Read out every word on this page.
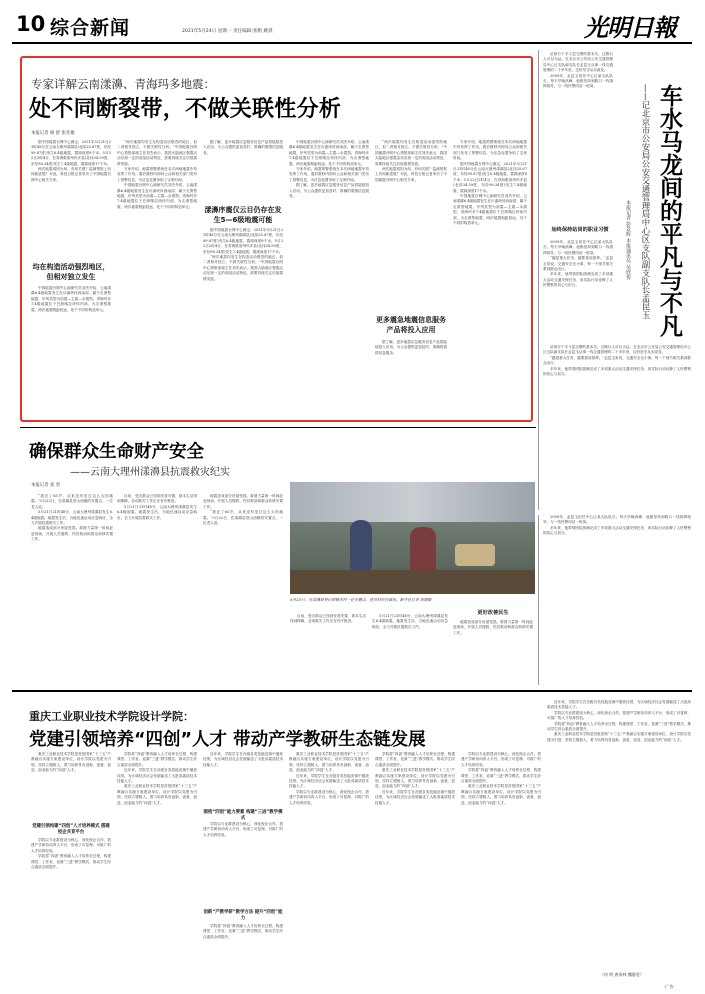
10 综合新闻	2021年5月24日 星期一 责任编辑:张帆 姚晨	光明日報
专家详解云南漾濞、青海玛多地震：
处不同断裂带，不做关联性分析
本报记者 杨 舒 张亚雄

据中国地震台网中心测定，2021年5月21日21时48分在云南大理州漾濞县(北纬25.67度，东经99.87度)发生6.4级地震，震源深度8千米；5月22日2时4分，在青海果洛州玛多县(北纬34.59度，东经98.34度)发生7.4级地震，震源深度17千米。

两次地震成因为何，有何关联？监测预报上有何新进展？对此，科技日报记者采访了中国地震台网中心相关专家。

均在构造活动强烈地区，但相对独立发生

中国地震台网中心副研究员刘杰介绍，云南漾濞6.4级地震发生在川滇块体西南部，属于走滑型地震，序列类型为前震—主震—余震型。青海玛多7.4级地震位于巴颜喀拉块体内部，为走滑型地震，两次地震相距较远，处于不同的构造单元。

“两次地震均发生在构造活动强烈的地区，但二者相对独立，不做关联性分析。”中国地震台网中心预报部副主任刘杰表示，我国大陆地区强震活动呈现一定的成组活动特征，需要持续关注后续震情发展。

专家介绍，地震预警系统在本次两地地震中均发挥了作用，震后数秒内即向公众和相关部门发布了预警信息，为应急处置争取了宝贵时间。

中国地震台网中心副研究员刘杰介绍，云南漾濞6.4级地震发生在川滇块体西南部，属于走滑型地震，序列类型为前震—主震—余震型。青海玛多7.4级地震位于巴颜喀拉块体内部，为走滑型地震，两次地震相距较远，处于不同的构造单元。

据了解，更多地震应急服务信息产品将陆续投入应用，为公众提供更加及时、准确的震情信息服务。

漾濞序震仅云目仍存在发生5—6级地震可能

据中国地震台网中心测定，2021年5月21日21时48分在云南大理州漾濞县(北纬25.67度，东经99.87度)发生6.4级地震，震源深度8千米；5月22日2时4分，在青海果洛州玛多县(北纬34.59度，东经98.34度)发生7.4级地震，震源深度17千米。

“两次地震均发生在构造活动强烈的地区，但二者相对独立，不做关联性分析。”中国地震台网中心预报部副主任刘杰表示，我国大陆地区强震活动呈现一定的成组活动特征，需要持续关注后续震情发展。

中国地震台网中心副研究员刘杰介绍，云南漾濞6.4级地震发生在川滇块体西南部，属于走滑型地震，序列类型为前震—主震—余震型。青海玛多7.4级地震位于巴颜喀拉块体内部，为走滑型地震，两次地震相距较远，处于不同的构造单元。

专家介绍，地震预警系统在本次两地地震中均发挥了作用，震后数秒内即向公众和相关部门发布了预警信息，为应急处置争取了宝贵时间。

据了解，更多地震应急服务信息产品将陆续投入应用，为公众提供更加及时、准确的震情信息服务。

“两次地震均发生在构造活动强烈的地区，但二者相对独立，不做关联性分析。”中国地震台网中心预报部副主任刘杰表示，我国大陆地区强震活动呈现一定的成组活动特征，需要持续关注后续震情发展。

两次地震成因为何，有何关联？监测预报上有何新进展？对此，科技日报记者采访了中国地震台网中心相关专家。

更多震急地震信息服务产品将投入应用

据了解，更多地震应急服务信息产品将陆续投入应用，为公众提供更加及时、准确的震情信息服务。

专家介绍，地震预警系统在本次两地地震中均发挥了作用，震后数秒内即向公众和相关部门发布了预警信息，为应急处置争取了宝贵时间。

据中国地震台网中心测定，2021年5月21日21时48分在云南大理州漾濞县(北纬25.67度，东经99.87度)发生6.4级地震，震源深度8千米；5月22日2时4分，在青海果洛州玛多县(北纬34.59度，东经98.34度)发生7.4级地震，震源深度17千米。

中国地震台网中心副研究员刘杰介绍，云南漾濞6.4级地震发生在川滇块体西南部，属于走滑型地震，序列类型为前震—主震—余震型。青海玛多7.4级地震位于巴颜喀拉块体内部，为走滑型地震，两次地震相距较远，处于不同的构造单元。

站岗行于孚斗昆交警的基本功，过路行人可以为证。在北京市公安局公安交通管理局中心区支队副支队长孟昆玉从事一线交通管理的二十多年里，这份坚守从未改变。

2009年，孟昆玉担任中心区某大队队长。每天早晚高峰，他都坚持到路口一线指挥疏导，与一线民警同站一班岗。	车水马龙间的平凡与不凡
——记北京市公安局公安交通管理局中心区支队副支队长孟昆玉
本报记者 彭景晖 本报通讯员 吴欣悦
始终保持站岗的职业习惯

2009年，孟昆玉担任中心区某大队队长。每天早晚高峰，他都坚持到路口一线指挥疏导，与一线民警同站一班岗。

“越是重大任务，越要靠前指挥。”孟昆玉常说，交通安全无小事，每一个细节都关系到群众出行。

多年来，他带领团队圆满完成了多项重大活动交通安保任务，用实际行动诠释了人民警察的初心与担当。

站岗行于孚斗昆交警的基本功，过路行人可以为证。在北京市公安局公安交通管理局中心区支队副支队长孟昆玉从事一线交通管理的二十多年里，这份坚守从未改变。

“越是重大任务，越要靠前指挥。”孟昆玉常说，交通安全无小事，每一个细节都关系到群众出行。

多年来，他带领团队圆满完成了多项重大活动交通安保任务，用实际行动诠释了人民警察的初心与担当。

确保群众生命财产安全
——云南大理州漾濞县抗震救灾纪实
本报记者 张 勇

“我还了65岁，从来没有见过这么大的地震。”5月22日，在漾濞县苍山西镇的安置点，一位老人说。

5月21日21时48分，云南大理州漾濞县发生6.4级地震。地震发生后，当地迅速启动应急响应，全力开展抗震救灾工作。

地震造成部分房屋受损。救援力量第一时间赶赴现场，开展人员搜救、伤员救治和群众转移安置工作。

目前，受灾群众已得到妥善安置，基本生活得到保障，各项救灾工作正在有序推进。

5月21日21时48分，云南大理州漾濞县发生6.4级地震。地震发生后，当地迅速启动应急响应，全力开展抗震救灾工作。

地震造成部分房屋受损。救援力量第一时间赶赴现场，开展人员搜救、伤员救治和群众转移安置工作。

“我还了65岁，从来没有见过这么大的地震。”5月22日，在漾濞县苍山西镇的安置点，一位老人说。

5月23日，在漾濞县苍山西镇务村一处安置点，党员村民在做饭。新华社记者 胡超摄
更好改善民生

目前，受灾群众已得到妥善安置，基本生活得到保障，各项救灾工作正在有序推进。

5月21日21时48分，云南大理州漾濞县发生6.4级地震。地震发生后，当地迅速启动应急响应，全力开展抗震救灾工作。

地震造成部分房屋受损。救援力量第一时间赶赴现场，开展人员搜救、伤员救治和群众转移安置工作。

2009年，孟昆玉担任中心区某大队队长。每天早晚高峰，他都坚持到路口一线指挥疏导，与一线民警同站一班岗。

多年来，他带领团队圆满完成了多项重大活动交通安保任务，用实际行动诠释了人民警察的初心与担当。

重庆工业职业技术学院设计学院：
党建引领培养“四创”人才 带动产学教研生态链发展

重庆工业职业技术学院是首批国家“十三五”产教融合实施方案建设单位，设计学院以党建为引领，坚持立德树人，着力培养具有创新、创意、创造、创业能力的“四创”人才。

党建引领构建“四创”人才培养模式 搭建校企共育平台

学院以专业群建设为核心，深化校企合作，搭建产学研协同育人平台，形成了可复制、可推广的人才培养经验。

学院将“四创”教育融入人才培养全过程，构建课堂、工作室、竞赛“三进”教学模式，推动学生综合素质全面提升。

学院将“四创”教育融入人才培养全过程，构建课堂、工作室、竞赛“三进”教学模式，推动学生综合素质全面提升。

近年来，学院学生在各级各类技能竞赛中屡获佳绩，为区域经济社会发展输送了大批高素质技术技能人才。

重庆工业职业技术学院是首批国家“十三五”产教融合实施方案建设单位，设计学院以党建为引领，坚持立德树人，着力培养具有创新、创意、创造、创业能力的“四创”人才。

近年来，学院学生在各级各类技能竞赛中屡获佳绩，为区域经济社会发展输送了大批高素质技术技能人才。

围绕“四创”能力要素 构建“三进”教学模式

学院以专业群建设为核心，深化校企合作，搭建产学研协同育人平台，形成了可复制、可推广的人才培养经验。

创新“产教学研”教学方法 提升“四创”能力

学院将“四创”教育融入人才培养全过程，构建课堂、工作室、竞赛“三进”教学模式，推动学生综合素质全面提升。

重庆工业职业技术学院是首批国家“十三五”产教融合实施方案建设单位，设计学院以党建为引领，坚持立德树人，着力培养具有创新、创意、创造、创业能力的“四创”人才。

近年来，学院学生在各级各类技能竞赛中屡获佳绩，为区域经济社会发展输送了大批高素质技术技能人才。

学院以专业群建设为核心，深化校企合作，搭建产学研协同育人平台，形成了可复制、可推广的人才培养经验。

学院将“四创”教育融入人才培养全过程，构建课堂、工作室、竞赛“三进”教学模式，推动学生综合素质全面提升。

重庆工业职业技术学院是首批国家“十三五”产教融合实施方案建设单位，设计学院以党建为引领，坚持立德树人，着力培养具有创新、创意、创造、创业能力的“四创”人才。

近年来，学院学生在各级各类技能竞赛中屡获佳绩，为区域经济社会发展输送了大批高素质技术技能人才。

学院以专业群建设为核心，深化校企合作，搭建产学研协同育人平台，形成了可复制、可推广的人才培养经验。

学院将“四创”教育融入人才培养全过程，构建课堂、工作室、竞赛“三进”教学模式，推动学生综合素质全面提升。

重庆工业职业技术学院是首批国家“十三五”产教融合实施方案建设单位，设计学院以党建为引领，坚持立德树人，着力培养具有创新、创意、创造、创业能力的“四创”人才。

近年来，学院学生在各级各类技能竞赛中屡获佳绩，为区域经济社会发展输送了大批高素质技术技能人才。

学院以专业群建设为核心，深化校企合作，搭建产学研协同育人平台，形成了可复制、可推广的人才培养经验。

学院将“四创”教育融入人才培养全过程，构建课堂、工作室、竞赛“三进”教学模式，推动学生综合素质全面提升。

重庆工业职业技术学院是首批国家“十三五”产教融合实施方案建设单位，设计学院以党建为引领，坚持立德树人，着力培养具有创新、创意、创造、创业能力的“四创”人才。

（何 明 唐泰林 魏静雯）
·广告·
